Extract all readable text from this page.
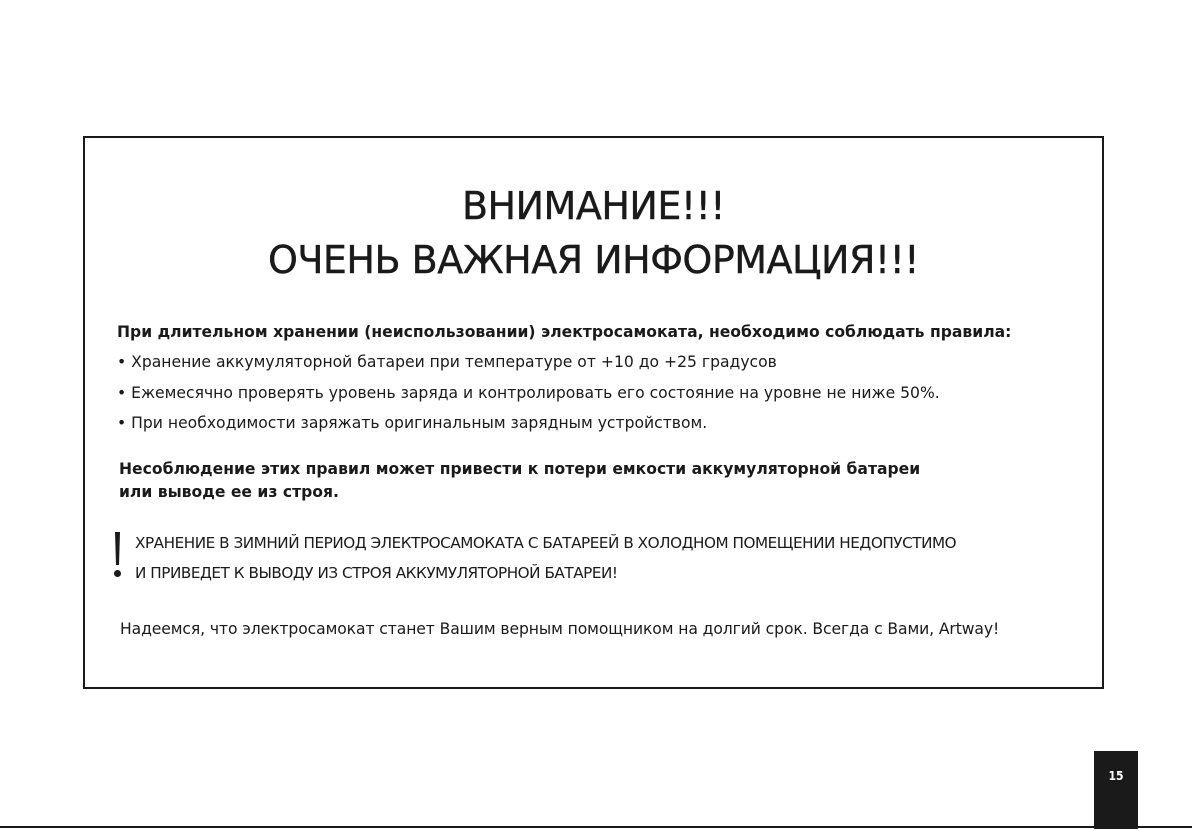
ВНИМАНИЕ!!!
ОЧЕНЬ ВАЖНАЯ ИНФОРМАЦИЯ!!!
При длительном хранении (неиспользовании) электросамоката, необходимо соблюдать правила:
• Хранение аккумуляторной батареи при температуре от +10 до +25 градусов
• Ежемесячно проверять уровень заряда и контролировать его состояние на уровне не ниже 50%.
• При необходимости заряжать оригинальным зарядным устройством.
Несоблюдение этих правил может привести к потери емкости аккумуляторной батареи
или выводе ее из строя.
ХРАНЕНИЕ В ЗИМНИЙ ПЕРИОД ЭЛЕКТРОСАМОКАТА С БАТАРЕЕЙ В ХОЛОДНОМ ПОМЕЩЕНИИ НЕДОПУСТИМО
И ПРИВЕДЕТ К ВЫВОДУ ИЗ СТРОЯ АККУМУЛЯТОРНОЙ БАТАРЕИ!
Надеемся, что электросамокат станет Вашим верным помощником на долгий срок. Всегда с Вами, Artway!
15
